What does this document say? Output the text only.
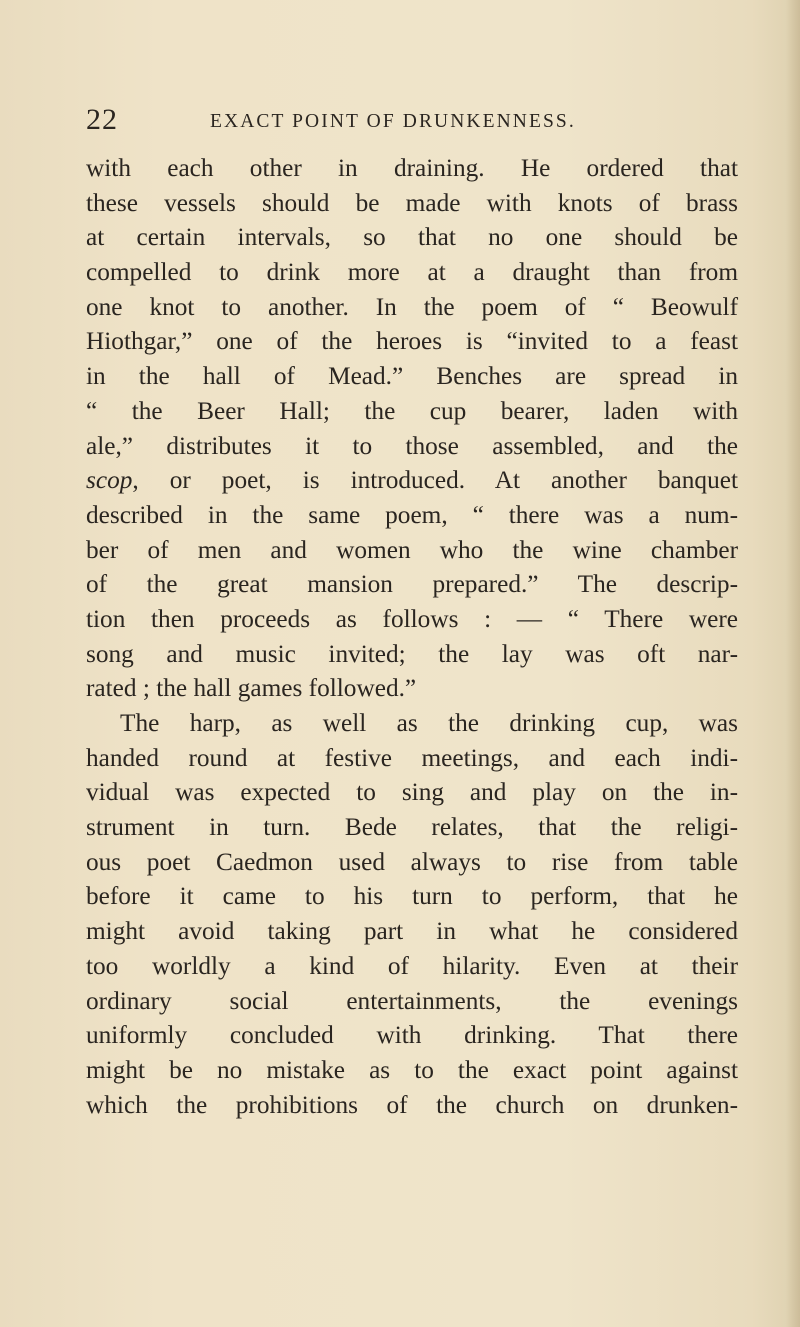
22	EXACT POINT OF DRUNKENNESS.
with each other in draining. He ordered that
these vessels should be made with knots of brass
at certain intervals, so that no one should be
compelled to drink more at a draught than from
one knot to another. In the poem of “ Beowulf
Hiothgar,” one of the heroes is “invited to a feast
in the hall of Mead.” Benches are spread in
“ the Beer Hall; the cup bearer, laden with
ale,” distributes it to those assembled, and the
scop, or poet, is introduced. At another banquet
described in the same poem, “ there was a num-
ber of men and women who the wine chamber
of the great mansion prepared.” The descrip-
tion then proceeds as follows : — “ There were
song and music invited; the lay was oft nar-
rated ; the hall games followed.”
The harp, as well as the drinking cup, was
handed round at festive meetings, and each indi-
vidual was expected to sing and play on the in-
strument in turn. Bede relates, that the religi-
ous poet Caedmon used always to rise from table
before it came to his turn to perform, that he
might avoid taking part in what he considered
too worldly a kind of hilarity. Even at their
ordinary social entertainments, the evenings
uniformly concluded with drinking. That there
might be no mistake as to the exact point against
which the prohibitions of the church on drunken-
